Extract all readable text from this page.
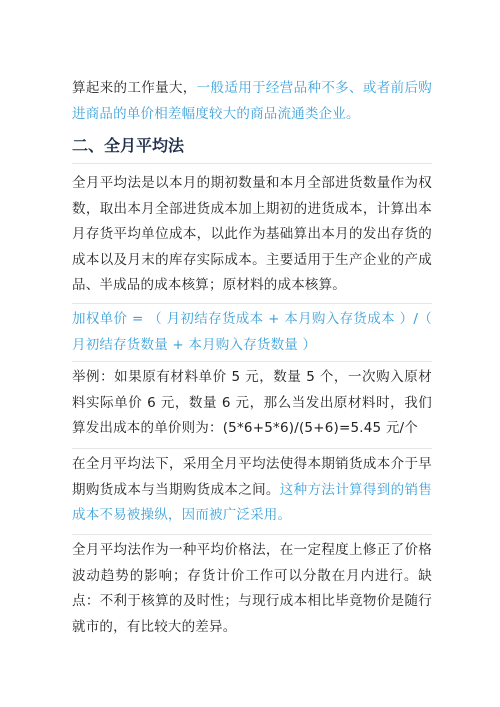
算起来的工作量大，一般适用于经营品种不多、或者前后购进商品的单价相差幅度较大的商品流通类企业。
二、全月平均法
全月平均法是以本月的期初数量和本月全部进货数量作为权数，取出本月全部进货成本加上期初的进货成本，计算出本月存货平均单位成本，以此作为基础算出本月的发出存货的成本以及月末的库存实际成本。主要适用于生产企业的产成品、半成品的成本核算；原材料的成本核算。
加权单价 = （ 月初结存货成本 + 本月购入存货成本 ）/（ 月初结存货数量 + 本月购入存货数量 ）
举例：如果原有材料单价 5 元，数量 5 个，一次购入原材料实际单价 6 元，数量 6 元，那么当发出原材料时，我们算发出成本的单价则为：(5*6+5*6)/(5+6)=5.45 元/个
在全月平均法下，采用全月平均法使得本期销货成本介于早期购货成本与当期购货成本之间。这种方法计算得到的销售成本不易被操纵，因而被广泛采用。
全月平均法作为一种平均价格法，在一定程度上修正了价格波动趋势的影响；存货计价工作可以分散在月内进行。缺点：不利于核算的及时性；与现行成本相比毕竟物价是随行就市的，有比较大的差异。
